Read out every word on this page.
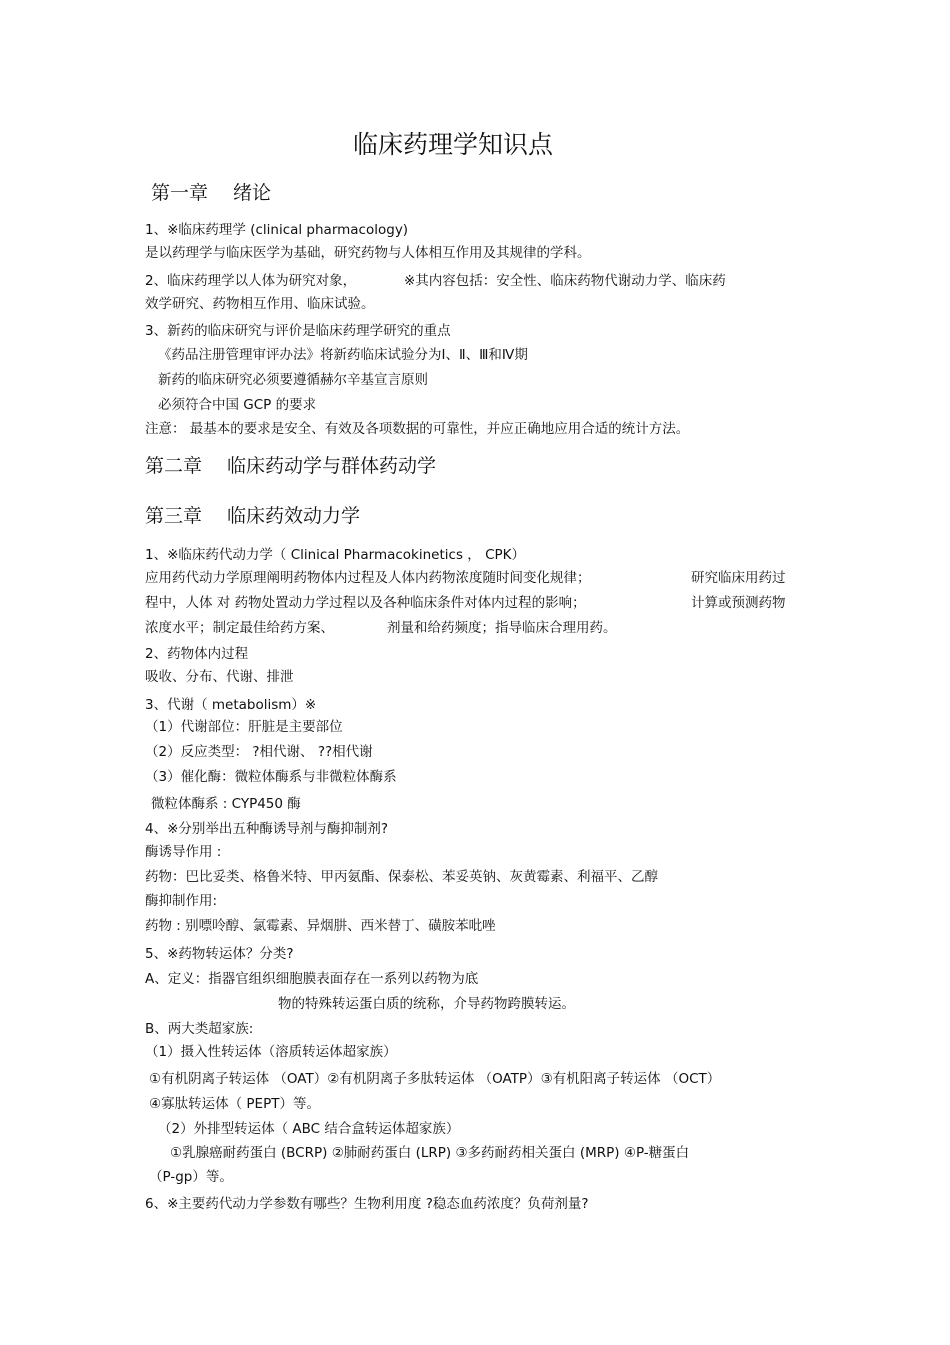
临床药理学知识点
第一章　 绪论
1、※临床药理学 (clinical pharmacology)
是以药理学与临床医学为基础，研究药物与人体相互作用及其规律的学科。
2、临床药理学以人体为研究对象，	※其内容包括：安全性、临床药物代谢动力学、临床药
效学研究、药物相互作用、临床试验。
3、新药的临床研究与评价是临床药理学研究的重点
《药品注册管理审评办法》将新药临床试验分为Ⅰ、Ⅱ、Ⅲ和Ⅳ期
新药的临床研究必须要遵循赫尔辛基宣言原则
必须符合中国 GCP 的要求
注意： 最基本的要求是安全、有效及各项数据的可靠性，并应正确地应用合适的统计方法。
第二章　 临床药动学与群体药动学
第三章　 临床药效动力学
1、※临床药代动力学（ Clinical Pharmacokinetics ， CPK）
应用药代动力学原理阐明药物体内过程及人体内药物浓度随时间变化规律；	研究临床用药过
程中，人体 对 药物处置动力学过程以及各种临床条件对体内过程的影响；	计算或预测药物
浓度水平；制定最佳给药方案、	剂量和给药频度；指导临床合理用药。
2、药物体内过程
吸收、分布、代谢、排泄
3、代谢（ metabolism）※
（1）代谢部位：肝脏是主要部位
（2）反应类型： ?相代谢、 ??相代谢
（3）催化酶：微粒体酶系与非微粒体酶系
微粒体酶系 : CYP450 酶
4、※分别举出五种酶诱导剂与酶抑制剂?
酶诱导作用 :
药物：巴比妥类、格鲁米特、甲丙氨酯、保泰松、苯妥英钠、灰黄霉素、利福平、乙醇
酶抑制作用:
药物 : 别嘌呤醇、氯霉素、异烟肼、西米替丁、磺胺苯吡唑
5、※药物转运体？分类?
A、定义：指器官组织细胞膜表面存在一系列以药物为底
物的特殊转运蛋白质的统称，介导药物跨膜转运。
B、两大类超家族:
（1）摄入性转运体（溶质转运体超家族）
①有机阴离子转运体 （OAT）②有机阴离子多肽转运体 （OATP）③有机阳离子转运体 （OCT）
④寡肽转运体（ PEPT）等。
（2）外排型转运体（ ABC 结合盒转运体超家族）
①乳腺癌耐药蛋白 (BCRP) ②肺耐药蛋白 (LRP) ③多药耐药相关蛋白 (MRP) ④P-糖蛋白
（P-gp）等。
6、※主要药代动力学参数有哪些？生物利用度 ?稳态血药浓度？负荷剂量?
